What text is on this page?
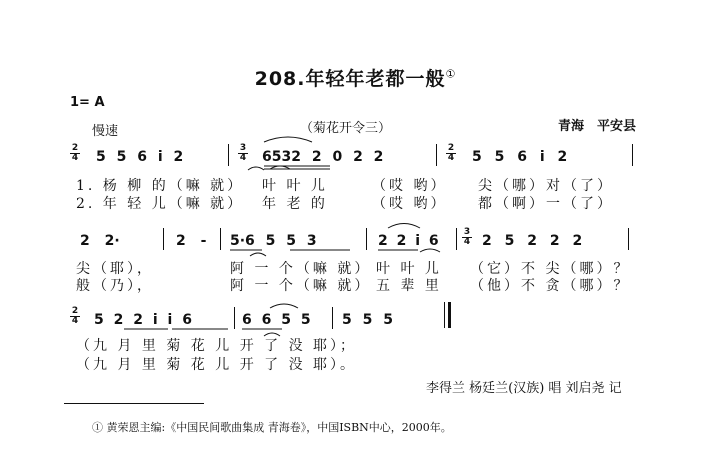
208.年轻年老都一般①
1= A
慢速	（菊花开令三）	青海　平安县
$\frac{2}{4} 5$ 5 6 i 2	$\frac{3}{4} 6532$ 2 0 2 2	$\frac{2}{4} 5$ 5 6 i 2
1. 杨 柳 的（嘛 就） 叶 叶 儿	（哎 哟） 尖（哪）对（了）
2. 年 轻 儿（嘛 就） 年 老 的	（哎 哟） 都（啊）一（了）
2 2·	2 - 5·6 5 5 3	2 2 i 6	$\frac{3}{4} 2$ 5 2 2 2
尖（耶），	阿 一 个（嘛 就） 叶 叶 儿 （它）不 尖（哪）？
般（乃），	阿 一 个（嘛 就） 五 辈 里 （他）不 贪（哪）？
$\frac{2}{4} 5$ 2 2 i i 6	6 6 5 5 5 5 5
（九 月 里 菊 花 儿 开 了 没 耶）；
（九 月 里 菊 花 儿 开 了 没 耶）。
李得兰 杨廷兰(汉族) 唱 刘启尧 记
① 黄荣恩主编:《中国民间歌曲集成 青海卷》，中国ISBN中心，2000年。
